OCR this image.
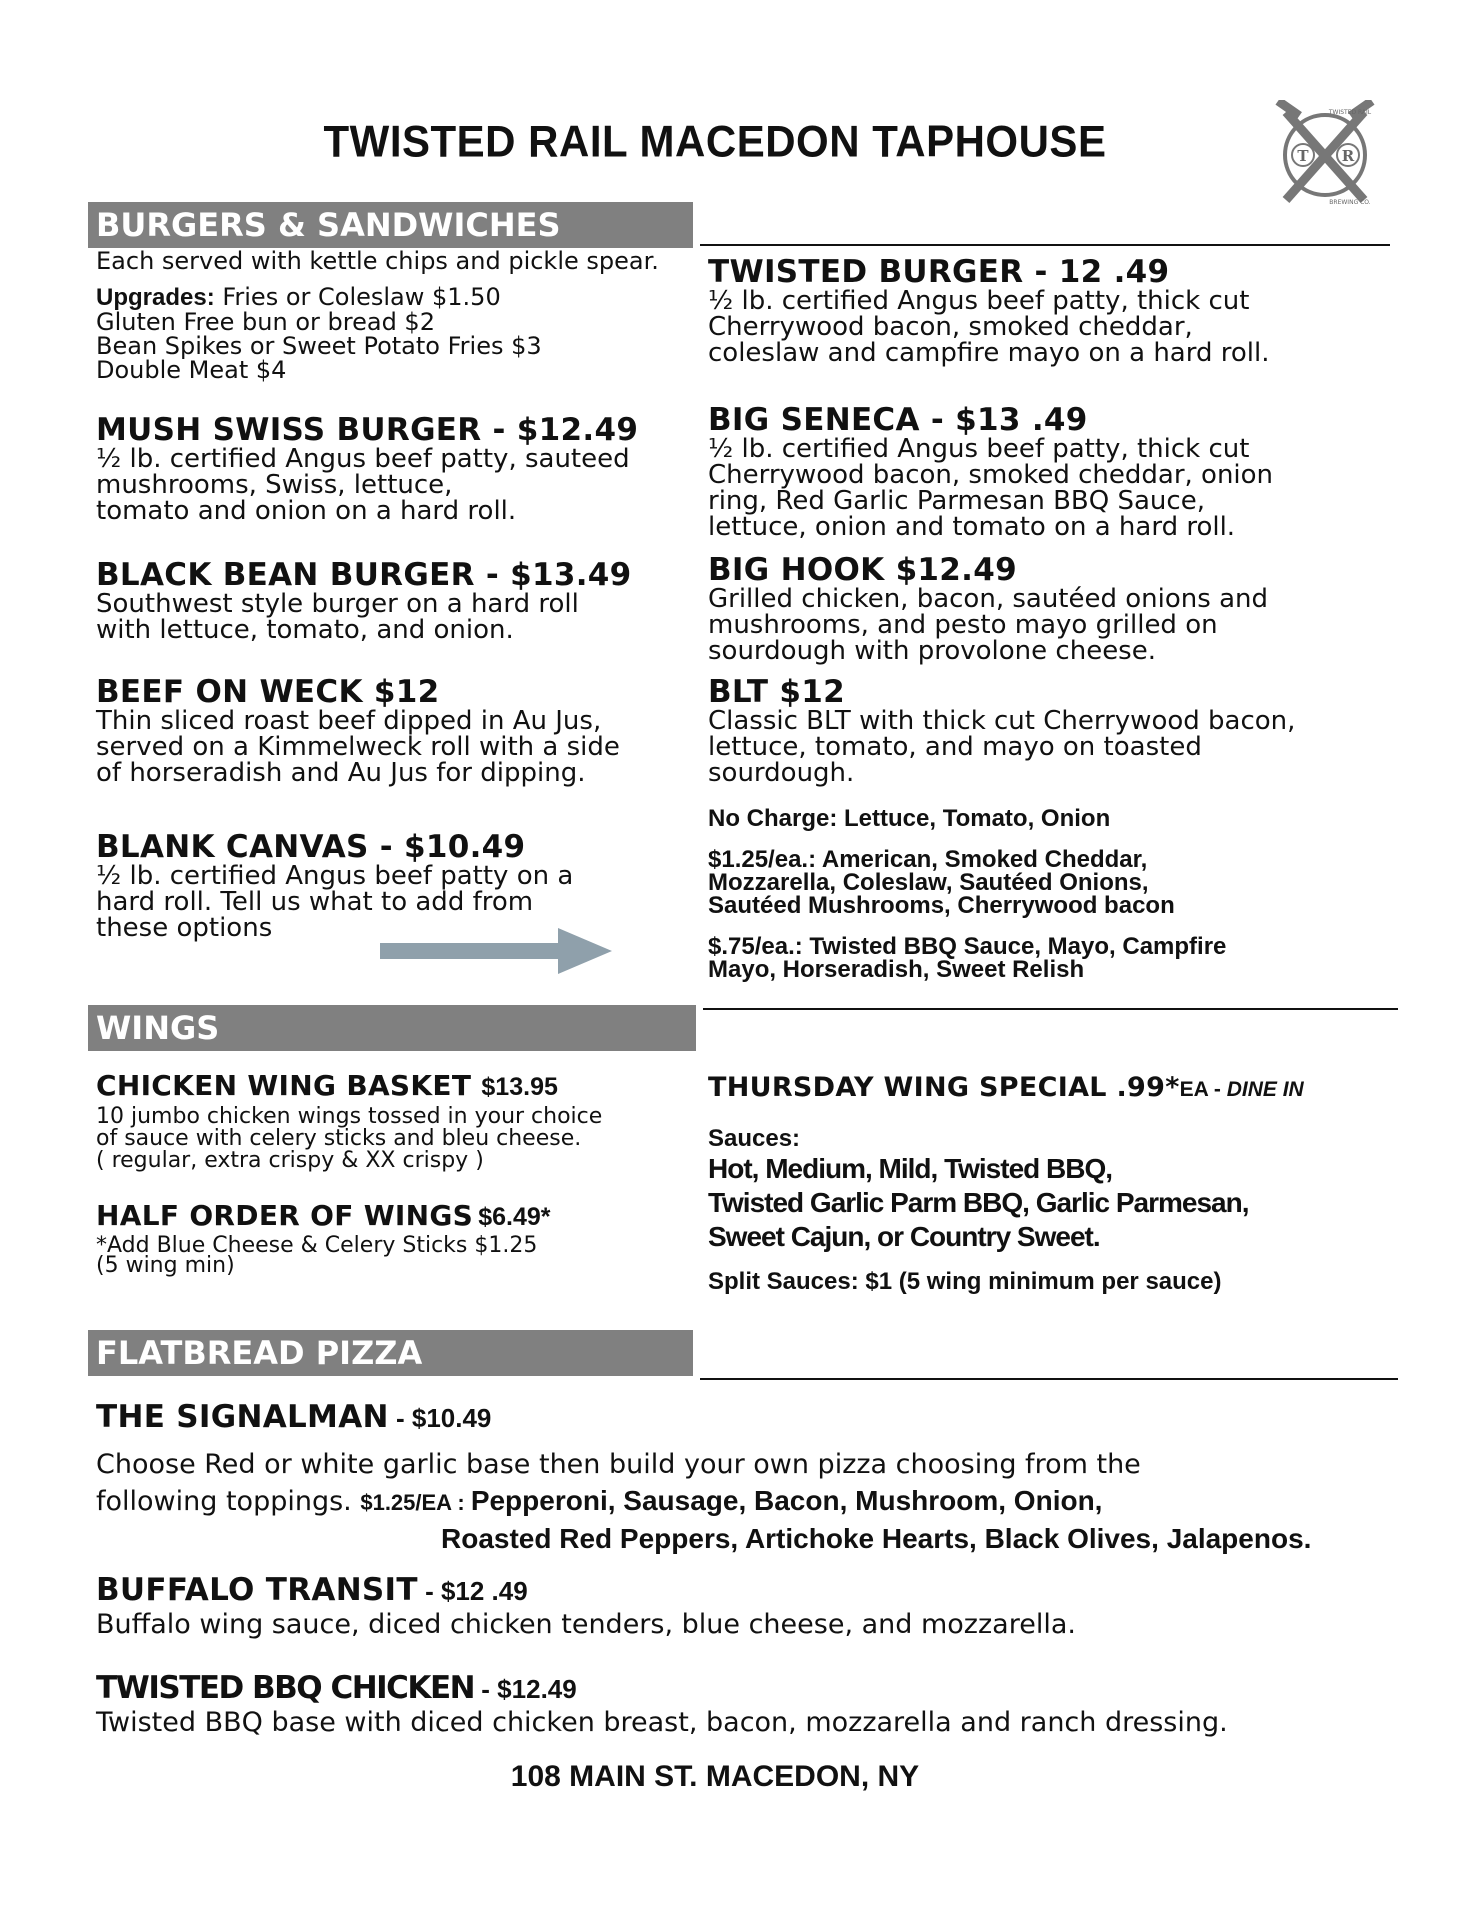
TWISTED RAIL MACEDON TAPHOUSE	T R
TWISTED RAIL
BREWING CO.
BURGERS & SANDWICHES
Each served with kettle chips and pickle spear.
Upgrades: Fries or Coleslaw $1.50
Gluten Free bun or bread $2
Bean Spikes or Sweet Potato Fries $3
Double Meat $4
MUSH SWISS BURGER - $12.49
½ lb. certified Angus beef patty, sauteed
mushrooms, Swiss, lettuce,
tomato and onion on a hard roll.
BLACK BEAN BURGER - $13.49
Southwest style burger on a hard roll
with lettuce, tomato, and onion.
BEEF ON WECK $12
Thin sliced roast beef dipped in Au Jus,
served on a Kimmelweck roll with a side
of horseradish and Au Jus for dipping.
BLANK CANVAS - $10.49
½ lb. certified Angus beef patty on a
hard roll. Tell us what to add from
these options
TWISTED BURGER - 12 .49
½ lb. certified Angus beef patty, thick cut
Cherrywood bacon, smoked cheddar,
coleslaw and campfire mayo on a hard roll.
BIG SENECA - $13 .49
½ lb. certified Angus beef patty, thick cut
Cherrywood bacon, smoked cheddar, onion
ring, Red Garlic Parmesan BBQ Sauce,
lettuce, onion and tomato on a hard roll.
BIG HOOK $12.49
Grilled chicken, bacon, sautéed onions and
mushrooms, and pesto mayo grilled on
sourdough with provolone cheese.
BLT $12
Classic BLT with thick cut Cherrywood bacon,
lettuce, tomato, and mayo on toasted
sourdough.
No Charge: Lettuce, Tomato, Onion
$1.25/ea.: American, Smoked Cheddar,
Mozzarella, Coleslaw, Sautéed Onions,
Sautéed Mushrooms, Cherrywood bacon
$.75/ea.: Twisted BBQ Sauce, Mayo, Campfire
Mayo, Horseradish, Sweet Relish
WINGS
CHICKEN WING BASKET $13.95
10 jumbo chicken wings tossed in your choice
of sauce with celery sticks and bleu cheese.
( regular, extra crispy & XX crispy )
HALF ORDER OF WINGS $6.49*
*Add Blue Cheese & Celery Sticks $1.25
(5 wing min)
THURSDAY WING SPECIAL .99*EA - DINE IN
Sauces:
Hot, Medium, Mild, Twisted BBQ,
Twisted Garlic Parm BBQ, Garlic Parmesan,
Sweet Cajun, or Country Sweet.
Split Sauces: $1 (5 wing minimum per sauce)
FLATBREAD PIZZA
THE SIGNALMAN - $10.49
Choose Red or white garlic base then build your own pizza choosing from the
following toppings. $1.25/EA : Pepperoni, Sausage, Bacon, Mushroom, Onion,
Roasted Red Peppers, Artichoke Hearts, Black Olives, Jalapenos.
BUFFALO TRANSIT - $12 .49
Buffalo wing sauce, diced chicken tenders, blue cheese, and mozzarella.
TWISTED BBQ CHICKEN - $12.49
Twisted BBQ base with diced chicken breast, bacon, mozzarella and ranch dressing.
108 MAIN ST. MACEDON, NY
